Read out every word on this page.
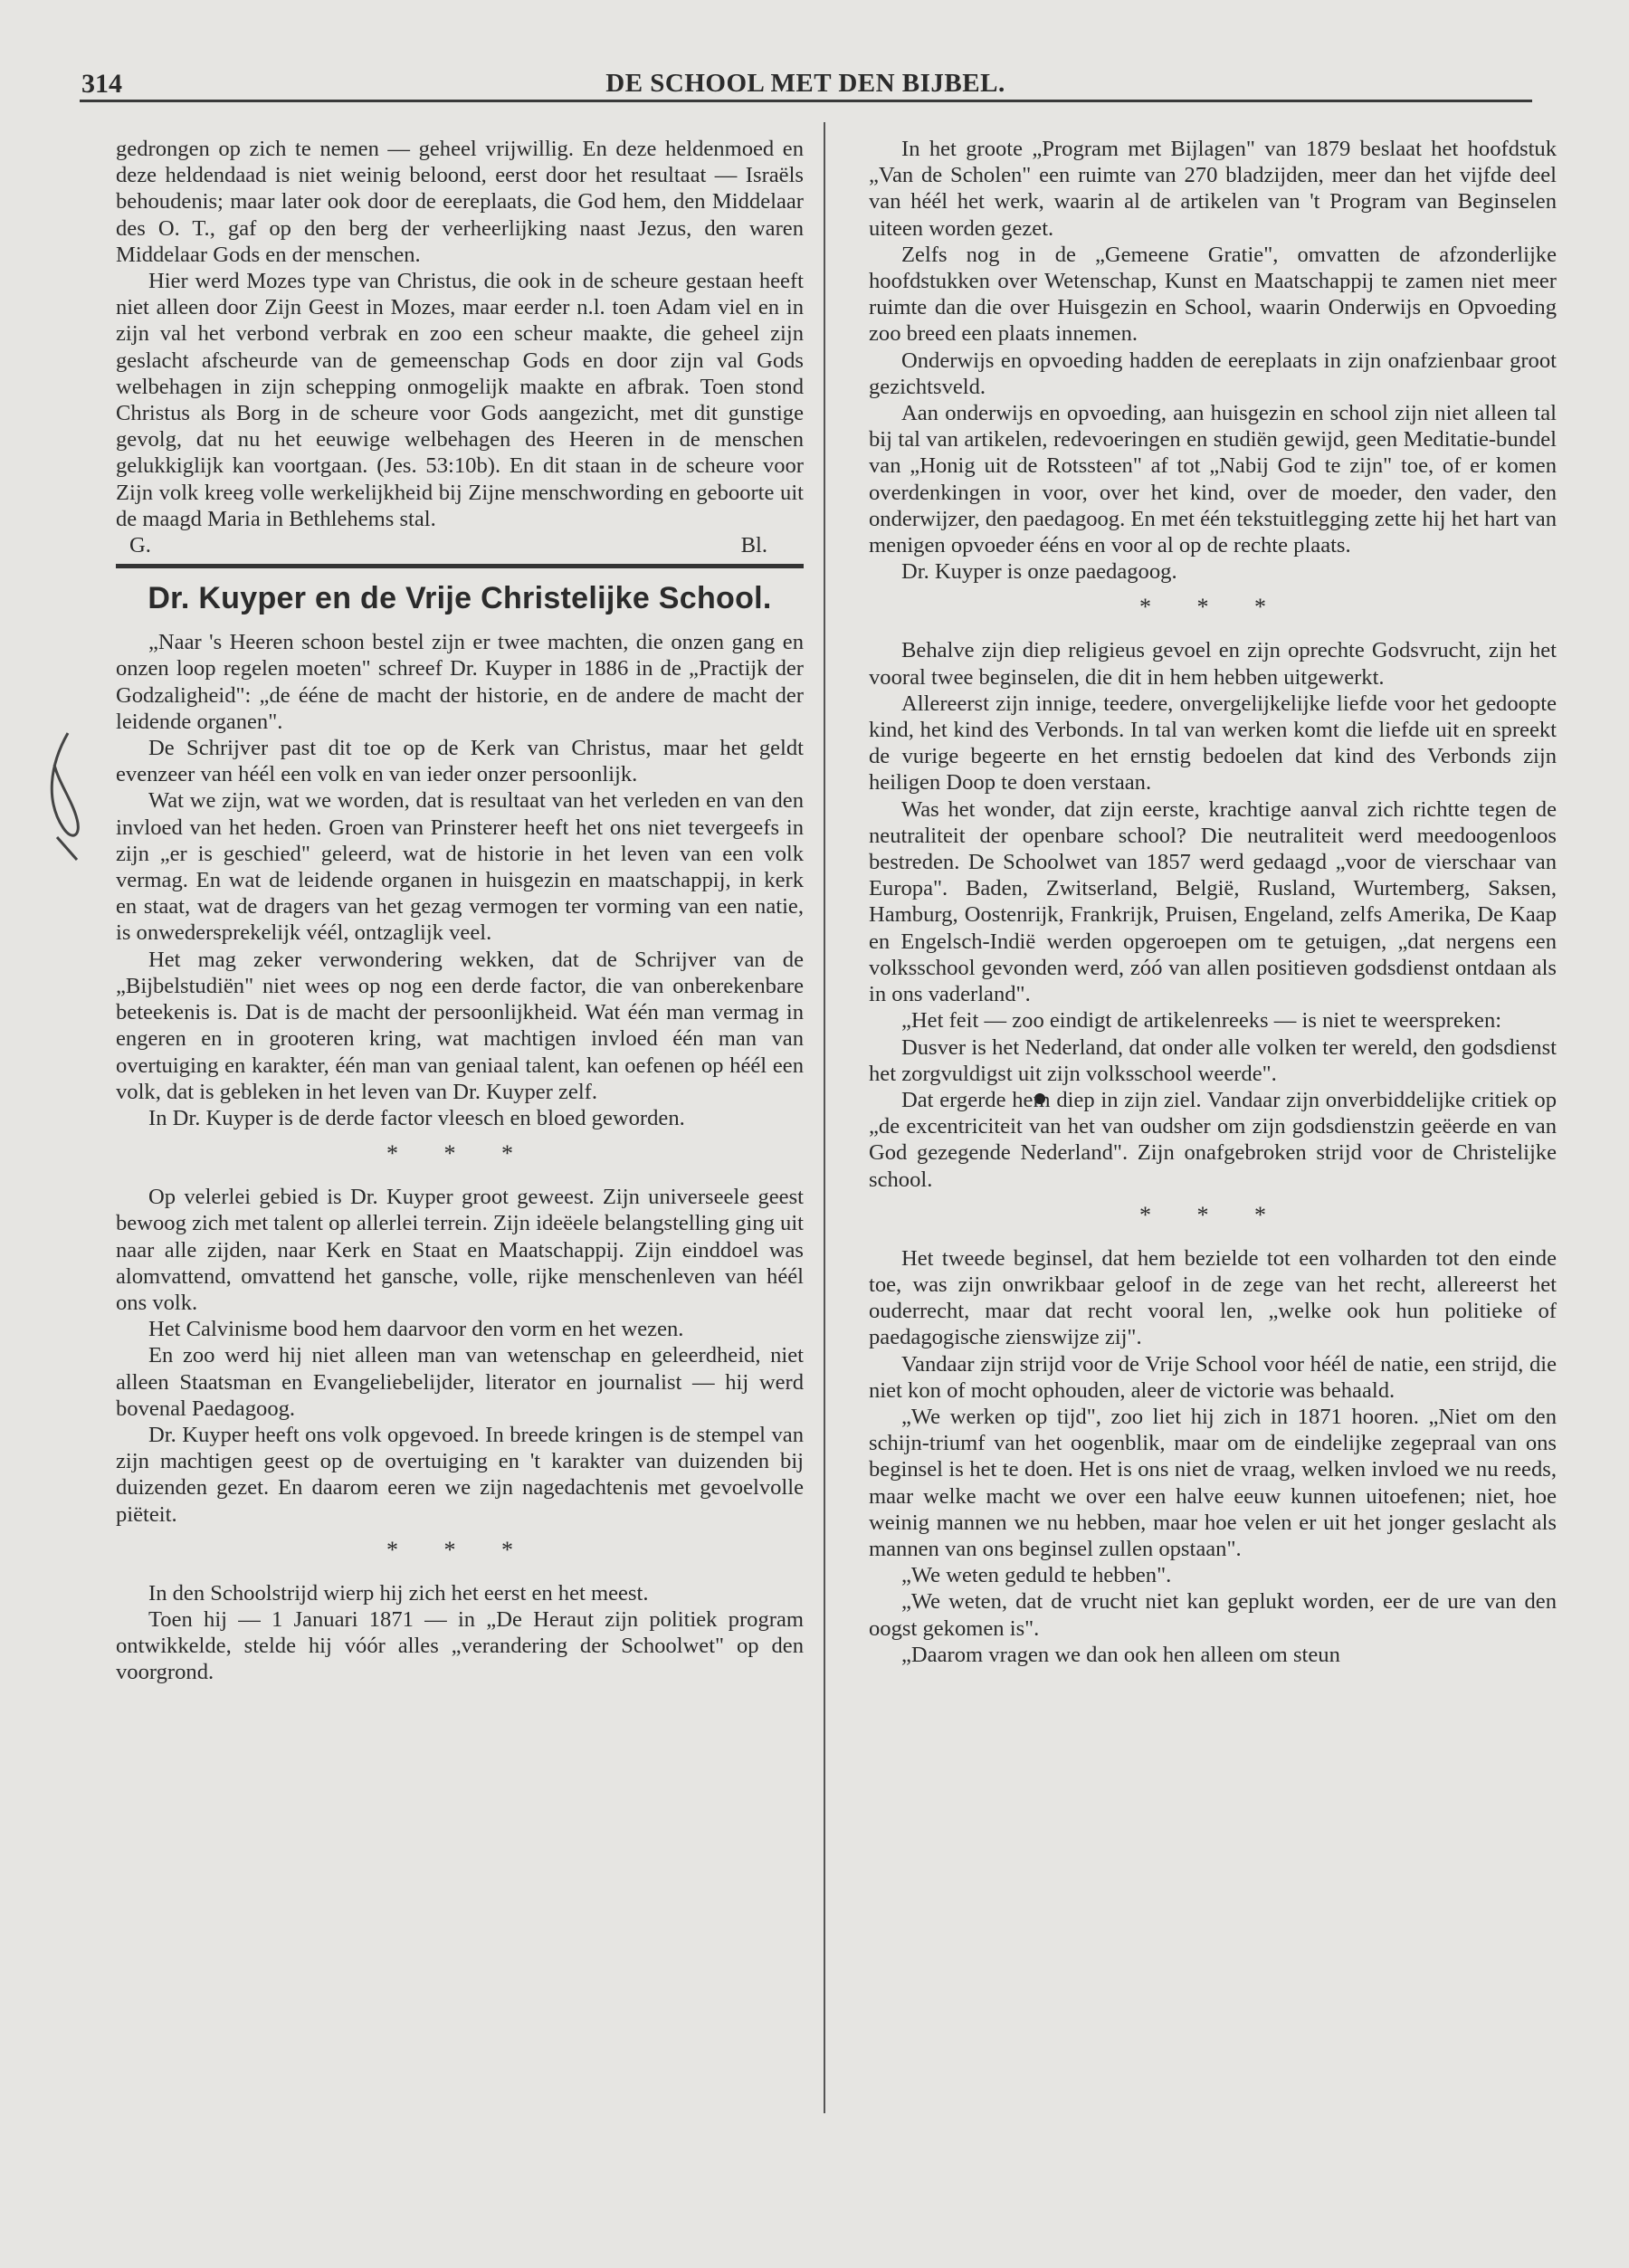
314	DE SCHOOL MET DEN BIJBEL.

gedrongen op zich te nemen — geheel vrijwillig. En deze heldenmoed en deze heldendaad is niet weinig beloond, eerst door het resultaat — Israëls behoudenis; maar later ook door de eereplaats, die God hem, den Middelaar des O. T., gaf op den berg der verheerlijking naast Jezus, den waren Middelaar Gods en der menschen.

Hier werd Mozes type van Christus, die ook in de scheure gestaan heeft niet alleen door Zijn Geest in Mozes, maar eerder n.l. toen Adam viel en in zijn val het verbond verbrak en zoo een scheur maakte, die geheel zijn geslacht afscheurde van de gemeenschap Gods en door zijn val Gods welbehagen in zijn schepping onmogelijk maakte en afbrak. Toen stond Christus als Borg in de scheure voor Gods aangezicht, met dit gunstige gevolg, dat nu het eeuwige welbehagen des Heeren in de menschen gelukkiglijk kan voortgaan. (Jes. 53:10b). En dit staan in de scheure voor Zijn volk kreeg volle werkelijkheid bij Zijne menschwording en geboorte uit de maagd Maria in Bethlehems stal.

G.	Bl.
Dr. Kuyper en de Vrije Christelijke School.

„Naar 's Heeren schoon bestel zijn er twee machten, die onzen gang en onzen loop regelen moeten" schreef Dr. Kuyper in 1886 in de „Practijk der Godzaligheid": „de ééne de macht der historie, en de andere de macht der leidende organen".

De Schrijver past dit toe op de Kerk van Christus, maar het geldt evenzeer van héél een volk en van ieder onzer persoonlijk.

Wat we zijn, wat we worden, dat is resultaat van het verleden en van den invloed van het heden. Groen van Prinsterer heeft het ons niet tevergeefs in zijn „er is geschied" geleerd, wat de historie in het leven van een volk vermag. En wat de leidende organen in huisgezin en maatschappij, in kerk en staat, wat de dragers van het gezag vermogen ter vorming van een natie, is onwedersprekelijk véél, ontzaglijk veel.

Het mag zeker verwondering wekken, dat de Schrijver van de „Bijbelstudiën" niet wees op nog een derde factor, die van onberekenbare beteekenis is. Dat is de macht der persoonlijkheid. Wat één man vermag in engeren en in grooteren kring, wat machtigen invloed één man van overtuiging en karakter, één man van geniaal talent, kan oefenen op héél een volk, dat is gebleken in het leven van Dr. Kuyper zelf.

In Dr. Kuyper is de derde factor vleesch en bloed geworden.

* * *

Op velerlei gebied is Dr. Kuyper groot geweest. Zijn universeele geest bewoog zich met talent op allerlei terrein. Zijn ideëele belangstelling ging uit naar alle zijden, naar Kerk en Staat en Maatschappij. Zijn einddoel was alomvattend, omvattend het gansche, volle, rijke menschenleven van héél ons volk.

Het Calvinisme bood hem daarvoor den vorm en het wezen.

En zoo werd hij niet alleen man van wetenschap en geleerdheid, niet alleen Staatsman en Evangeliebelijder, literator en journalist — hij werd bovenal Paedagoog.

Dr. Kuyper heeft ons volk opgevoed. In breede kringen is de stempel van zijn machtigen geest op de overtuiging en 't karakter van duizenden bij duizenden gezet. En daarom eeren we zijn nagedachtenis met gevoelvolle piëteit.

* * *

In den Schoolstrijd wierp hij zich het eerst en het meest.

Toen hij — 1 Januari 1871 — in „De Heraut zijn politiek program ontwikkelde, stelde hij vóór alles „verandering der Schoolwet" op den voorgrond.

In het groote „Program met Bijlagen" van 1879 beslaat het hoofdstuk „Van de Scholen" een ruimte van 270 bladzijden, meer dan het vijfde deel van héél het werk, waarin al de artikelen van 't Program van Beginselen uiteen worden gezet.

Zelfs nog in de „Gemeene Gratie", omvatten de afzonderlijke hoofdstukken over Wetenschap, Kunst en Maatschappij te zamen niet meer ruimte dan die over Huisgezin en School, waarin Onderwijs en Opvoeding zoo breed een plaats innemen.

Onderwijs en opvoeding hadden de eereplaats in zijn onafzienbaar groot gezichtsveld.

Aan onderwijs en opvoeding, aan huisgezin en school zijn niet alleen tal bij tal van artikelen, redevoeringen en studiën gewijd, geen Meditatie-bundel van „Honig uit de Rotssteen" af tot „Nabij God te zijn" toe, of er komen overdenkingen in voor, over het kind, over de moeder, den vader, den onderwijzer, den paedagoog. En met één tekstuitlegging zette hij het hart van menigen opvoeder ééns en voor al op de rechte plaats.

Dr. Kuyper is onze paedagoog.

* * *

Behalve zijn diep religieus gevoel en zijn oprechte Godsvrucht, zijn het vooral twee beginselen, die dit in hem hebben uitgewerkt.

Allereerst zijn innige, teedere, onvergelijkelijke liefde voor het gedoopte kind, het kind des Verbonds. In tal van werken komt die liefde uit en spreekt de vurige begeerte en het ernstig bedoelen dat kind des Verbonds zijn heiligen Doop te doen verstaan.

Was het wonder, dat zijn eerste, krachtige aanval zich richtte tegen de neutraliteit der openbare school? Die neutraliteit werd meedoogenloos bestreden. De Schoolwet van 1857 werd gedaagd „voor de vierschaar van Europa". Baden, Zwitserland, België, Rusland, Wurtemberg, Saksen, Hamburg, Oostenrijk, Frankrijk, Pruisen, Engeland, zelfs Amerika, De Kaap en Engelsch-Indië werden opgeroepen om te getuigen, „dat nergens een volksschool gevonden werd, zóó van allen positieven godsdienst ontdaan als in ons vaderland".

„Het feit — zoo eindigt de artikelenreeks — is niet te weerspreken:

Dusver is het Nederland, dat onder alle volken ter wereld, den godsdienst het zorgvuldigst uit zijn volksschool weerde".

Dat ergerde hem diep in zijn ziel. Vandaar zijn onverbiddelijke critiek op „de excentriciteit van het van oudsher om zijn godsdienstzin geëerde en van God gezegende Nederland". Zijn onafgebroken strijd voor de Christelijke school.

* * *

Het tweede beginsel, dat hem bezielde tot een volharden tot den einde toe, was zijn onwrikbaar geloof in de zege van het recht, allereerst het ouderrecht, maar dat recht vooral len, „welke ook hun politieke of paedagogische zienswijze zij".

Vandaar zijn strijd voor de Vrije School voor héél de natie, een strijd, die niet kon of mocht ophouden, aleer de victorie was behaald.

„We werken op tijd", zoo liet hij zich in 1871 hooren. „Niet om den schijn-triumf van het oogenblik, maar om de eindelijke zegepraal van ons beginsel is het te doen. Het is ons niet de vraag, welken invloed we nu reeds, maar welke macht we over een halve eeuw kunnen uitoefenen; niet, hoe weinig mannen we nu hebben, maar hoe velen er uit het jonger geslacht als mannen van ons beginsel zullen opstaan".

„We weten geduld te hebben".

„We weten, dat de vrucht niet kan geplukt worden, eer de ure van den oogst gekomen is".

„Daarom vragen we dan ook hen alleen om steun
